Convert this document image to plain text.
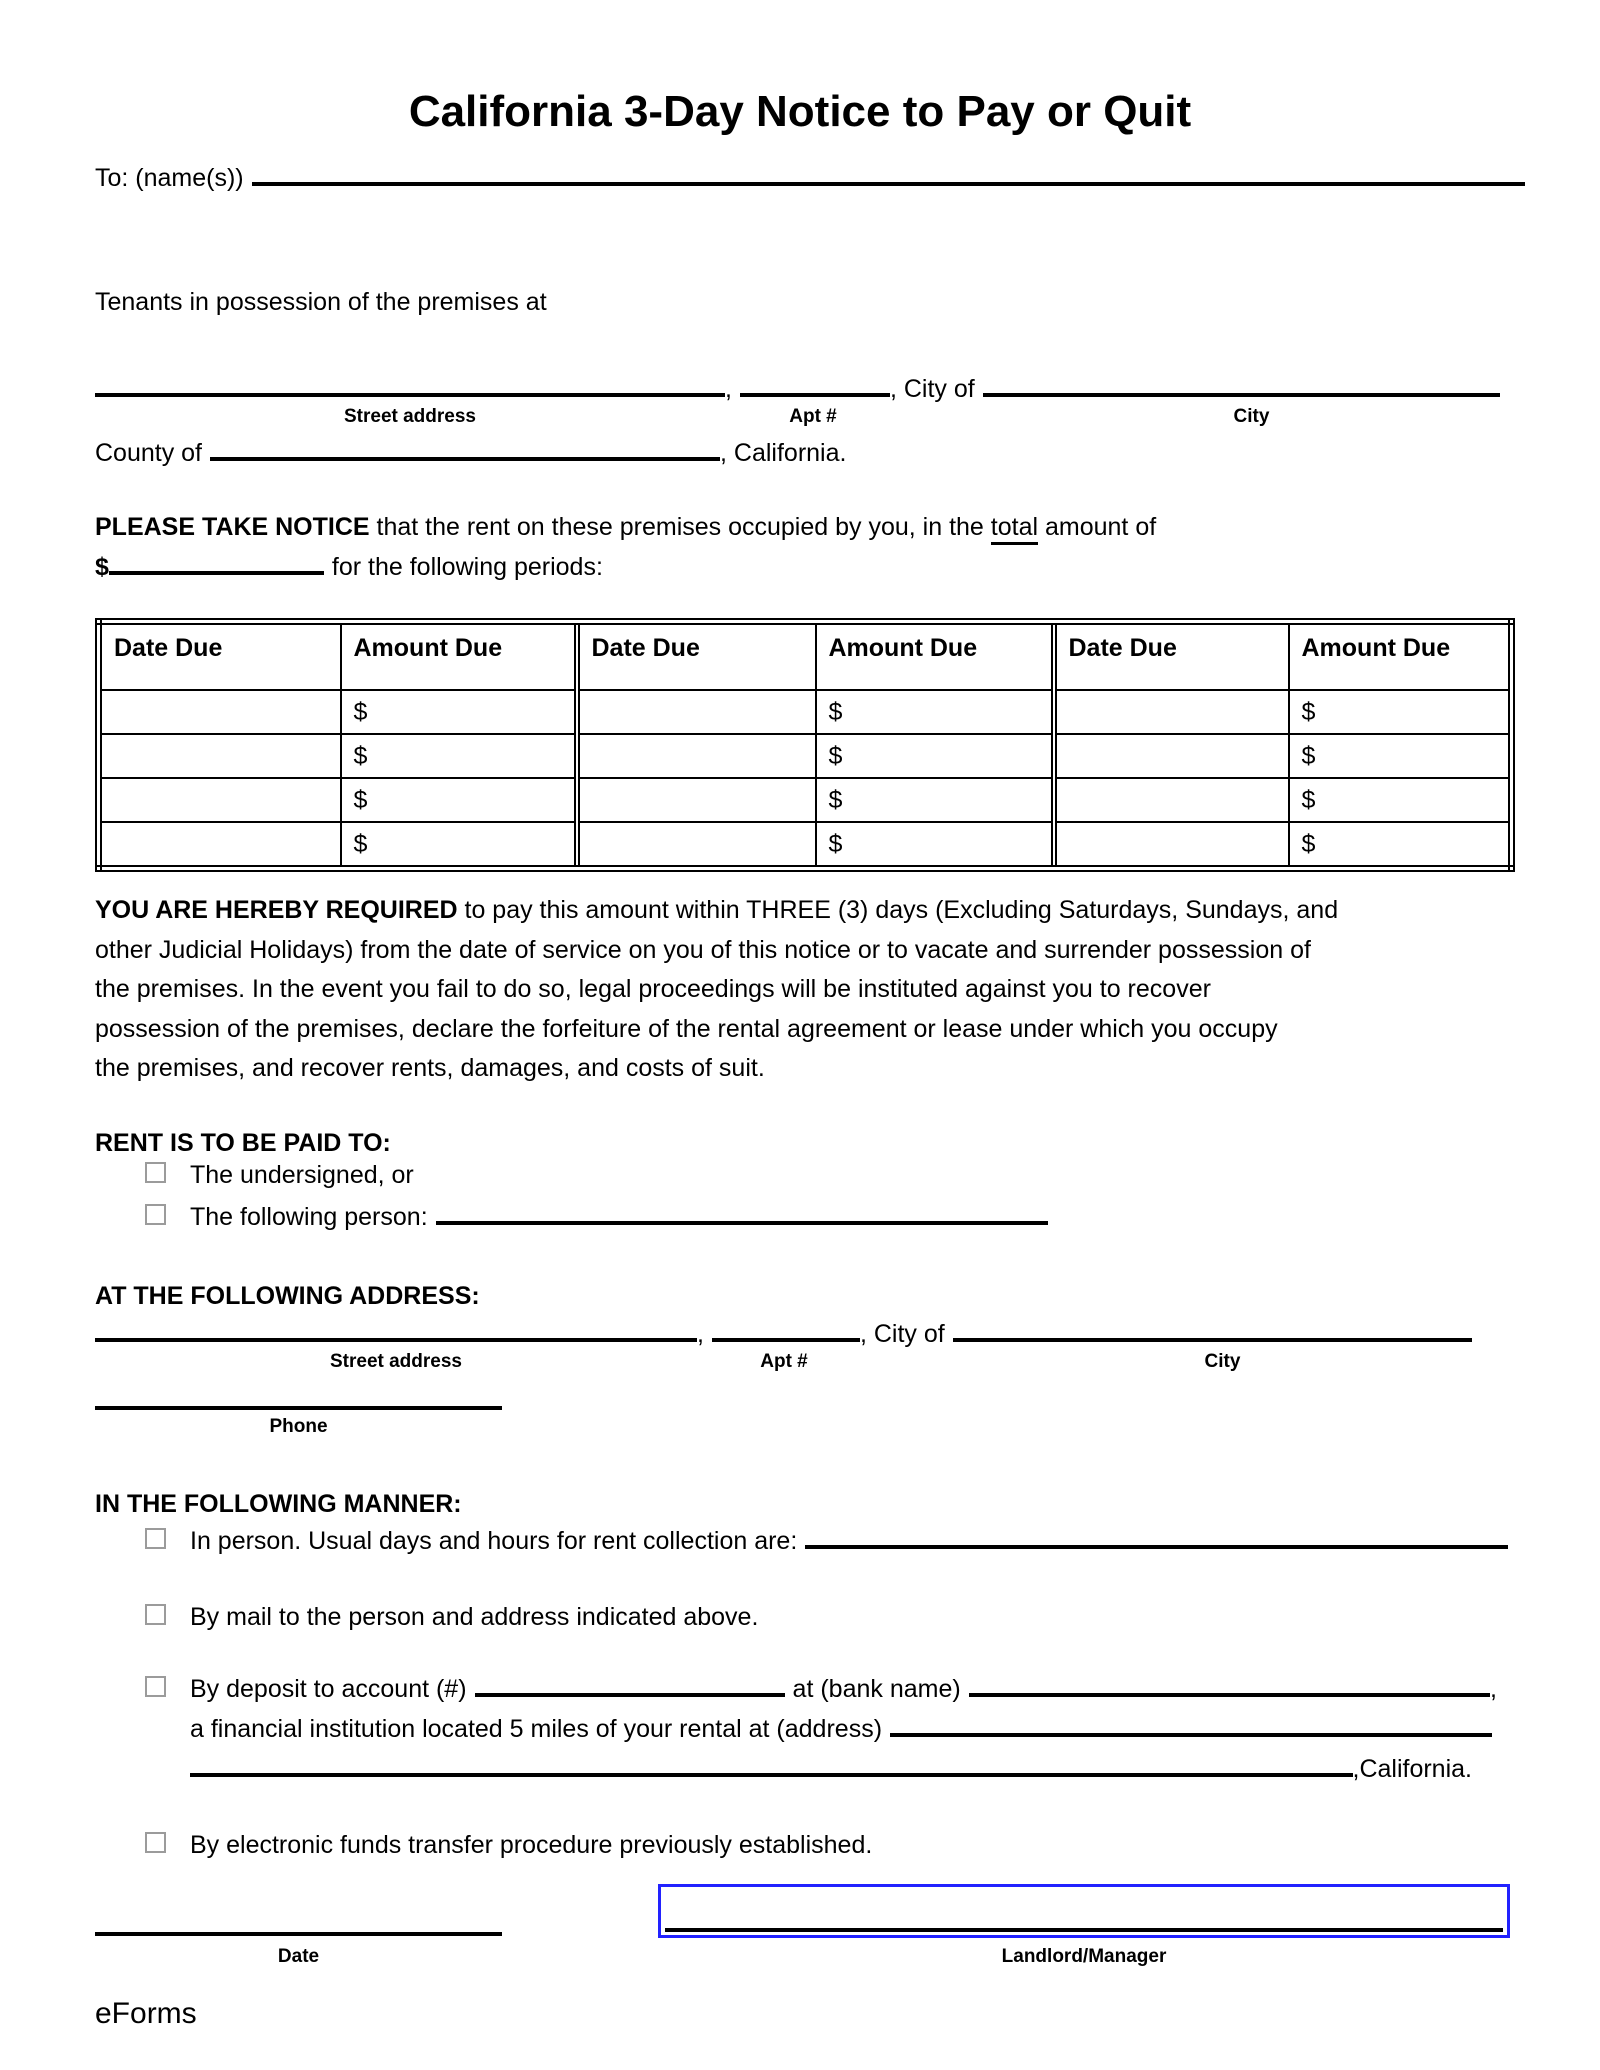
California 3-Day Notice to Pay or Quit
To: (name(s))
Tenants in possession of the premises at
,	, City of
Street address	Apt #	City
County of	, California.
PLEASE TAKE NOTICE that the rent on these premises occupied by you, in the total amount of
$	for the following periods:
Date Due	Amount Due	Date Due	Amount Due	Date Due	Amount Due
	$		$		$
	$		$		$
	$		$		$
	$		$		$
YOU ARE HEREBY REQUIRED to pay this amount within THREE (3) days (Excluding Saturdays, Sundays, and
other Judicial Holidays) from the date of service on you of this notice or to vacate and surrender possession of
the premises. In the event you fail to do so, legal proceedings will be instituted against you to recover
possession of the premises, declare the forfeiture of the rental agreement or lease under which you occupy
the premises, and recover rents, damages, and costs of suit.
RENT IS TO BE PAID TO:
The undersigned, or
The following person:
AT THE FOLLOWING ADDRESS:
,	, City of
Street address	Apt #	City
Phone
IN THE FOLLOWING MANNER:
In person. Usual days and hours for rent collection are:
By mail to the person and address indicated above.
By deposit to account (#)	at (bank name)	,
a financial institution located 5 miles of your rental at (address)
,California.
By electronic funds transfer procedure previously established.
Date	Landlord/Manager
eForms
